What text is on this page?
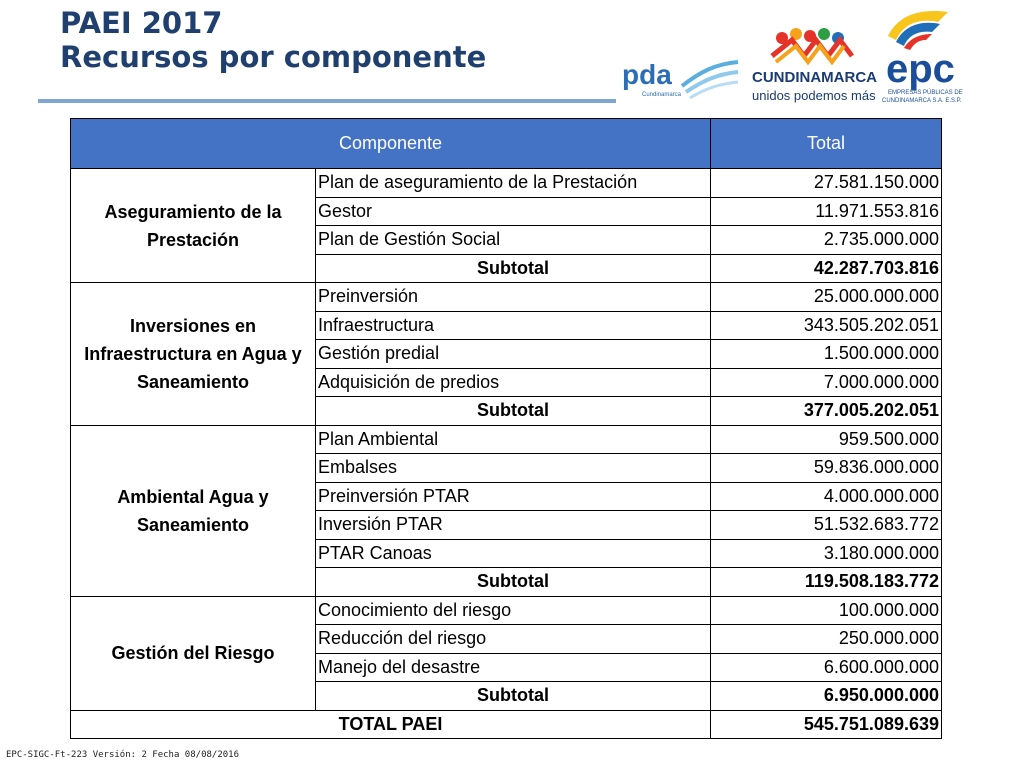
PAEI 2017
Recursos por componente
pda
Cundinamarca
CUNDINAMARCA
unidos podemos más
epc
EMPRESAS PÚBLICAS DE
CUNDINAMARCA S.A. E.S.P.
Componente		Total
Aseguramiento de la Prestación	Plan de aseguramiento de la Prestación	27.581.150.000
	Gestor	11.971.553.816
	Plan de Gestión Social	2.735.000.000
	Subtotal	42.287.703.816
Inversiones en Infraestructura en Agua y Saneamiento	Preinversión	25.000.000.000
	Infraestructura	343.505.202.051
	Gestión predial	1.500.000.000
	Adquisición de predios	7.000.000.000
	Subtotal	377.005.202.051
Ambiental Agua y Saneamiento	Plan Ambiental	959.500.000
	Embalses	59.836.000.000
	Preinversión PTAR	4.000.000.000
	Inversión PTAR	51.532.683.772
	PTAR Canoas	3.180.000.000
	Subtotal	119.508.183.772
Gestión del Riesgo	Conocimiento del riesgo	100.000.000
	Reducción del riesgo	250.000.000
	Manejo del desastre	6.600.000.000
	Subtotal	6.950.000.000
TOTAL PAEI		545.751.089.639
EPC-SIGC-Ft-223 Versión: 2 Fecha 08/08/2016
